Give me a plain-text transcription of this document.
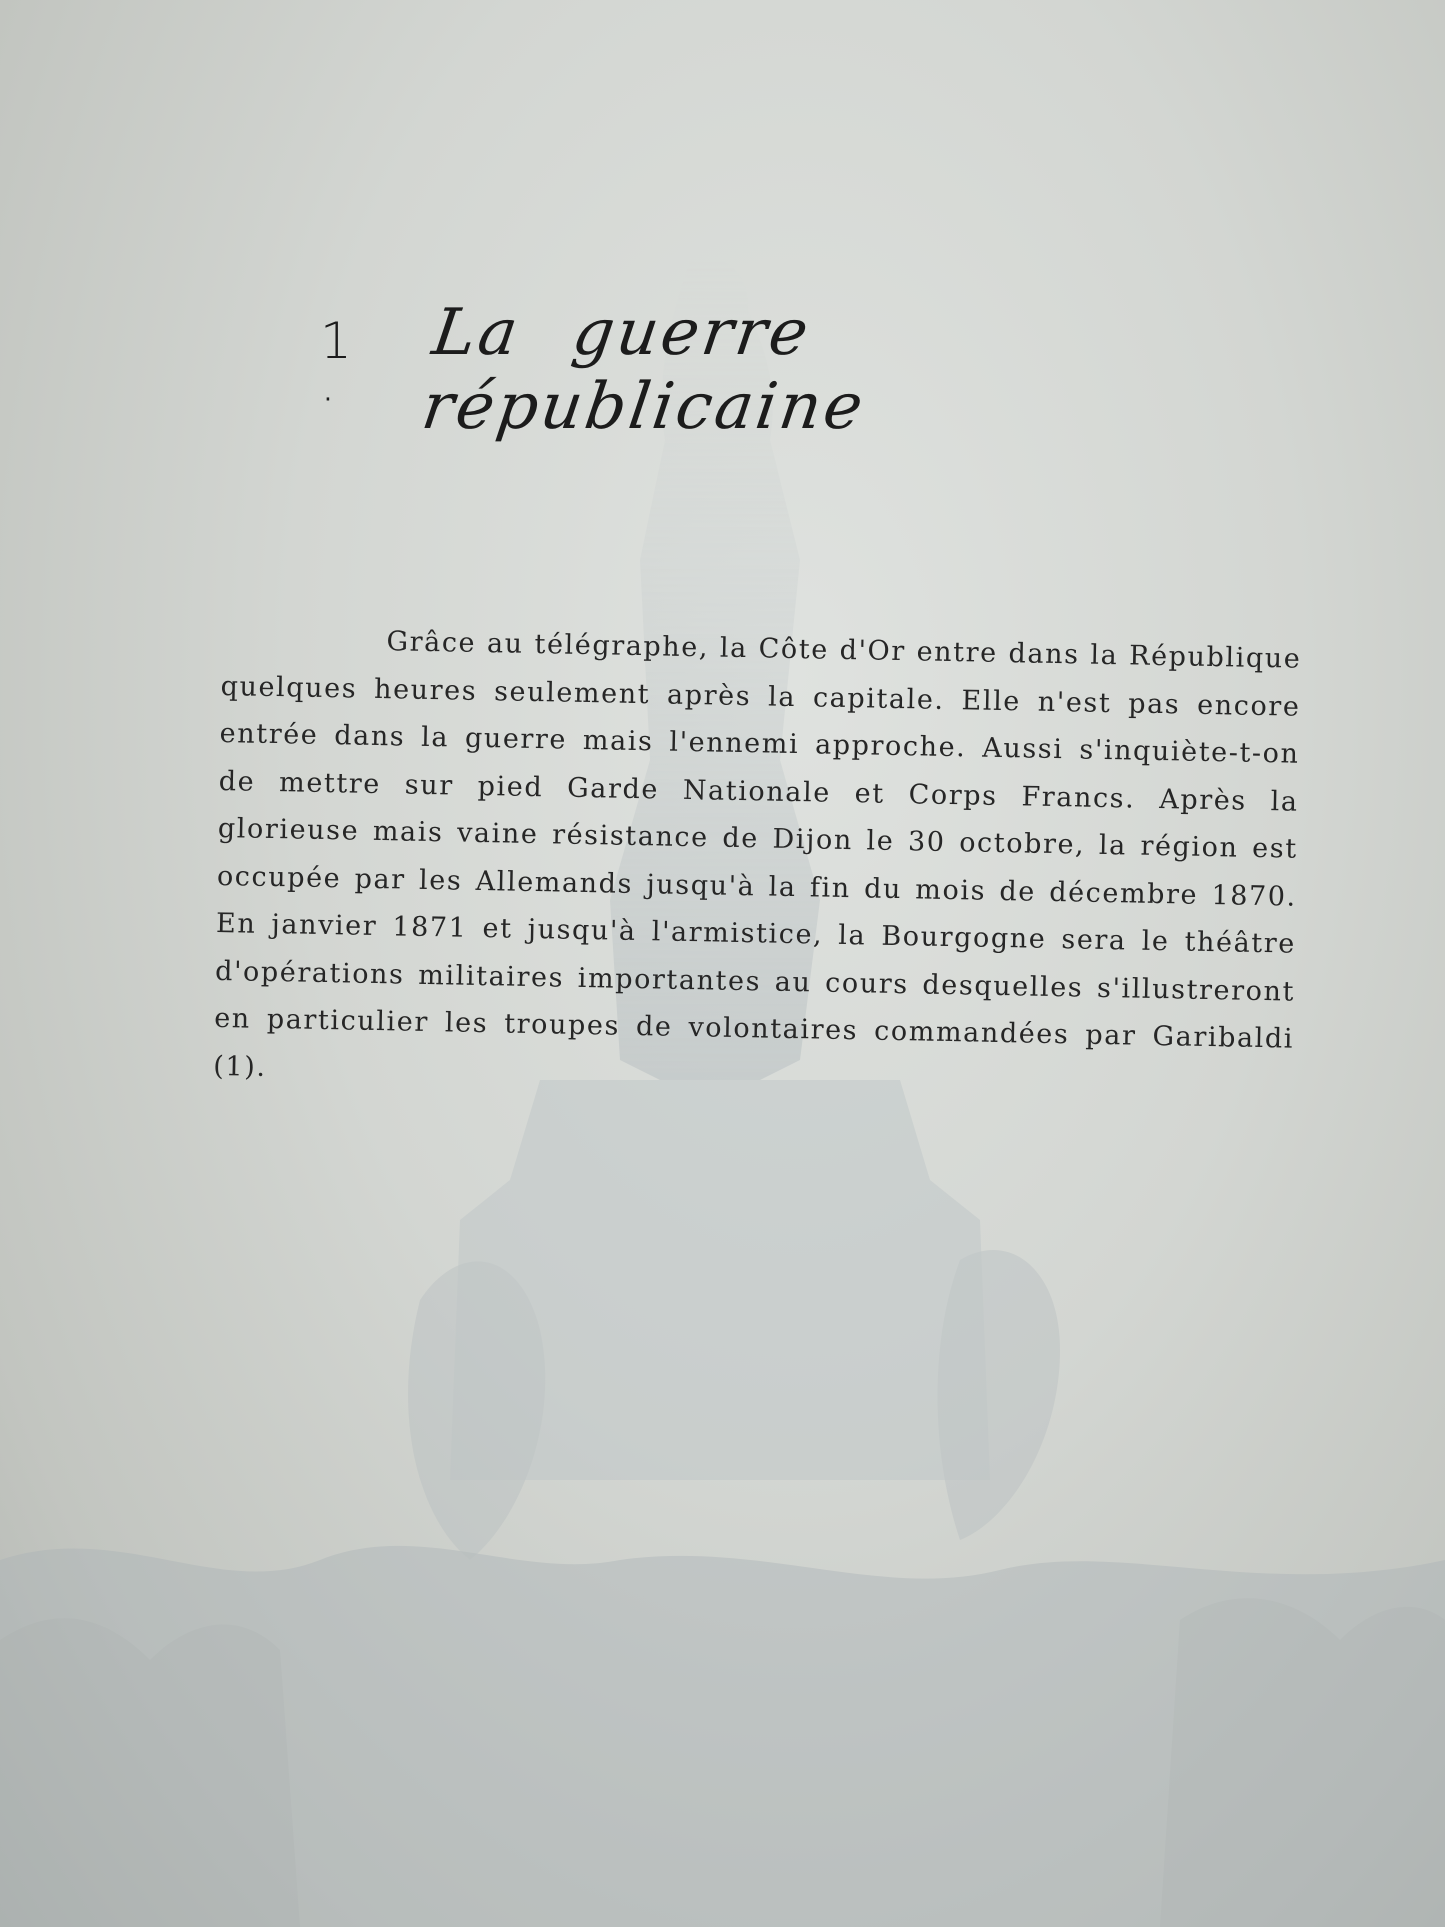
1 ·
La guerre républicaine

Grâce au télégraphe, la Côte d'Or entre dans la République quelques heures seulement après la capitale. Elle n'est pas encore entrée dans la guerre mais l'ennemi approche. Aussi s'inquiète-t-on de mettre sur pied Garde Nationale et Corps Francs. Après la glorieuse mais vaine résistance de Dijon le 30 octobre, la région est occupée par les Allemands jusqu'à la fin du mois de décembre 1870. En janvier 1871 et jusqu'à l'armistice, la Bourgogne sera le théâtre d'opérations militaires importantes au cours desquelles s'illustreront en particulier les troupes de volontaires commandées par Garibaldi (1).
